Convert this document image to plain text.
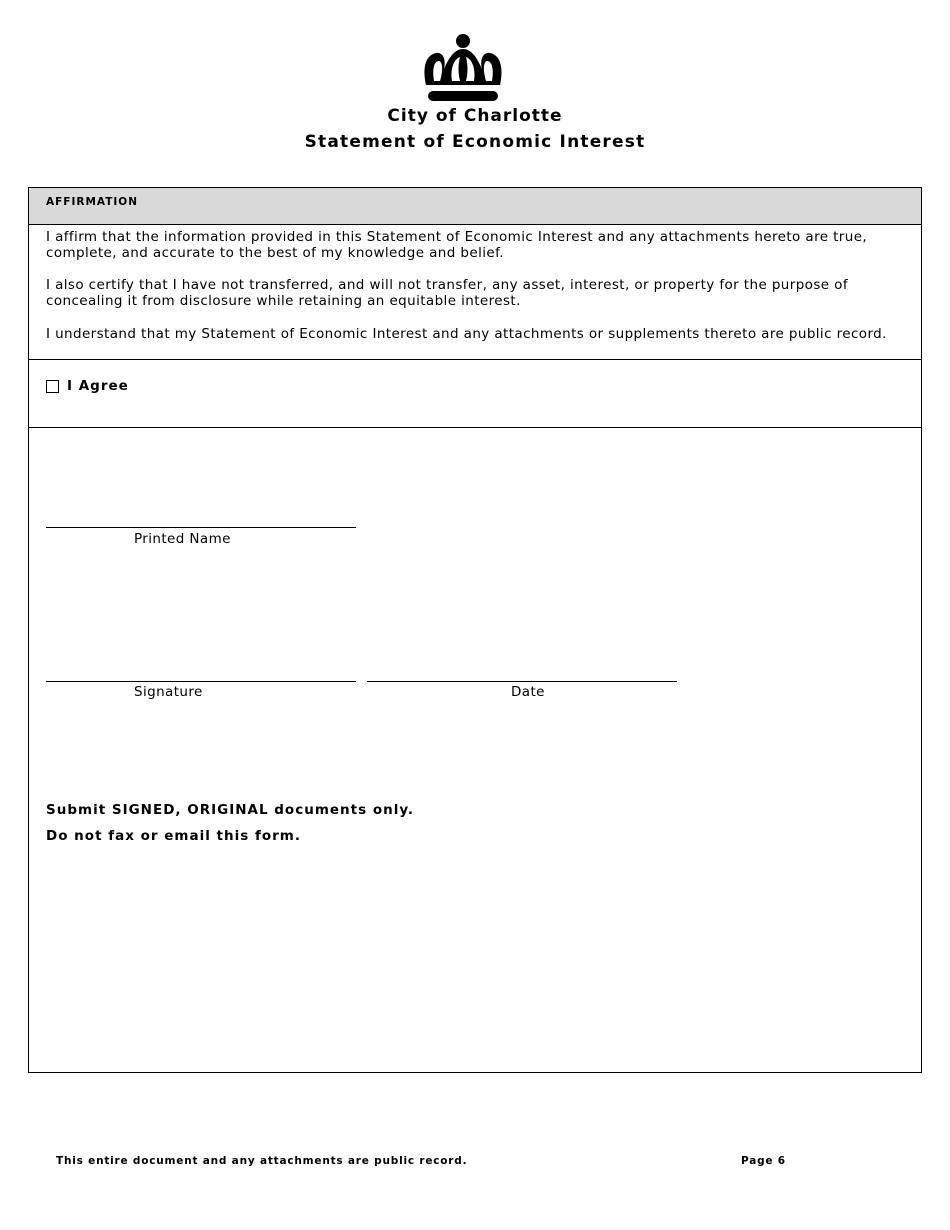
City of Charlotte
Statement of Economic Interest
AFFIRMATION
I affirm that the information provided in this Statement of Economic Interest and any attachments hereto are true, complete, and accurate to the best of my knowledge and belief.
I also certify that I have not transferred, and will not transfer, any asset, interest, or property for the purpose of concealing it from disclosure while retaining an equitable interest.
I understand that my Statement of Economic Interest and any attachments or supplements thereto are public record.
I Agree
Printed Name
Signature	Date
Submit SIGNED, ORIGINAL documents only.
Do not fax or email this form.
This entire document and any attachments are public record.	Page 6
